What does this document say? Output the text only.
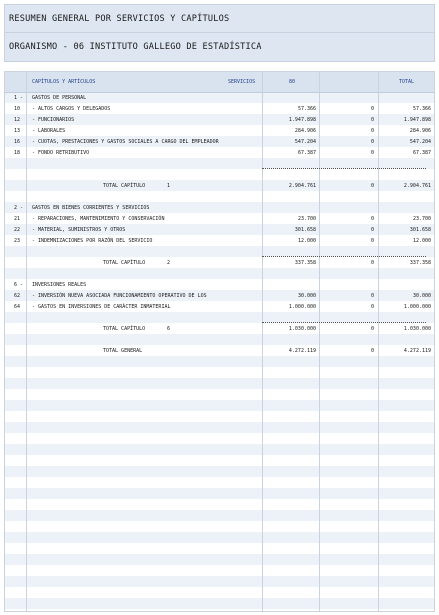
RESUMEN GENERAL POR SERVICIOS Y CAPÍTULOS
ORGANISMO - 06 INSTITUTO GALLEGO DE ESTADÍSTICA
CAPÍTULOS Y ARTÍCULOS	SERVICIOS	80	TOTAL
1 - GASTOS DE PERSONAL
10 - ALTOS CARGOS Y DELEGADOS	57.366	0	57.366
12 - FUNCIONARIOS	1.947.898	0	1.947.898
13 - LABORALES	284.906	0	284.906
16 - CUOTAS, PRESTACIONES Y GASTOS SOCIALES A CARGO DEL EMPLEADOR	547.204	0	547.204
18 - FONDO RETRIBUTIVO	67.387	0	67.387
TOTAL CAPÍTULO	1	2.904.761	0	2.904.761
2 - GASTOS EN BIENES CORRIENTES Y SERVICIOS
21 - REPARACIONES, MANTENIMIENTO Y CONSERVACIÓN	23.700	0	23.700
22 - MATERIAL, SUMINISTROS Y OTROS	301.658	0	301.658
23 - INDEMNIZACIONES POR RAZÓN DEL SERVICIO	12.000	0	12.000
TOTAL CAPÍTULO	2	337.358	0	337.358
6 - INVERSIONES REALES
62 - INVERSIÓN NUEVA ASOCIADA FUNCIONAMIENTO OPERATIVO DE LOS	30.000	0	30.000
64 - GASTOS EN INVERSIONES DE CARÁCTER INMATERIAL	1.000.000	0	1.000.000
TOTAL CAPÍTULO	6	1.030.000	0	1.030.000
TOTAL GENERAL	4.272.119	0	4.272.119
